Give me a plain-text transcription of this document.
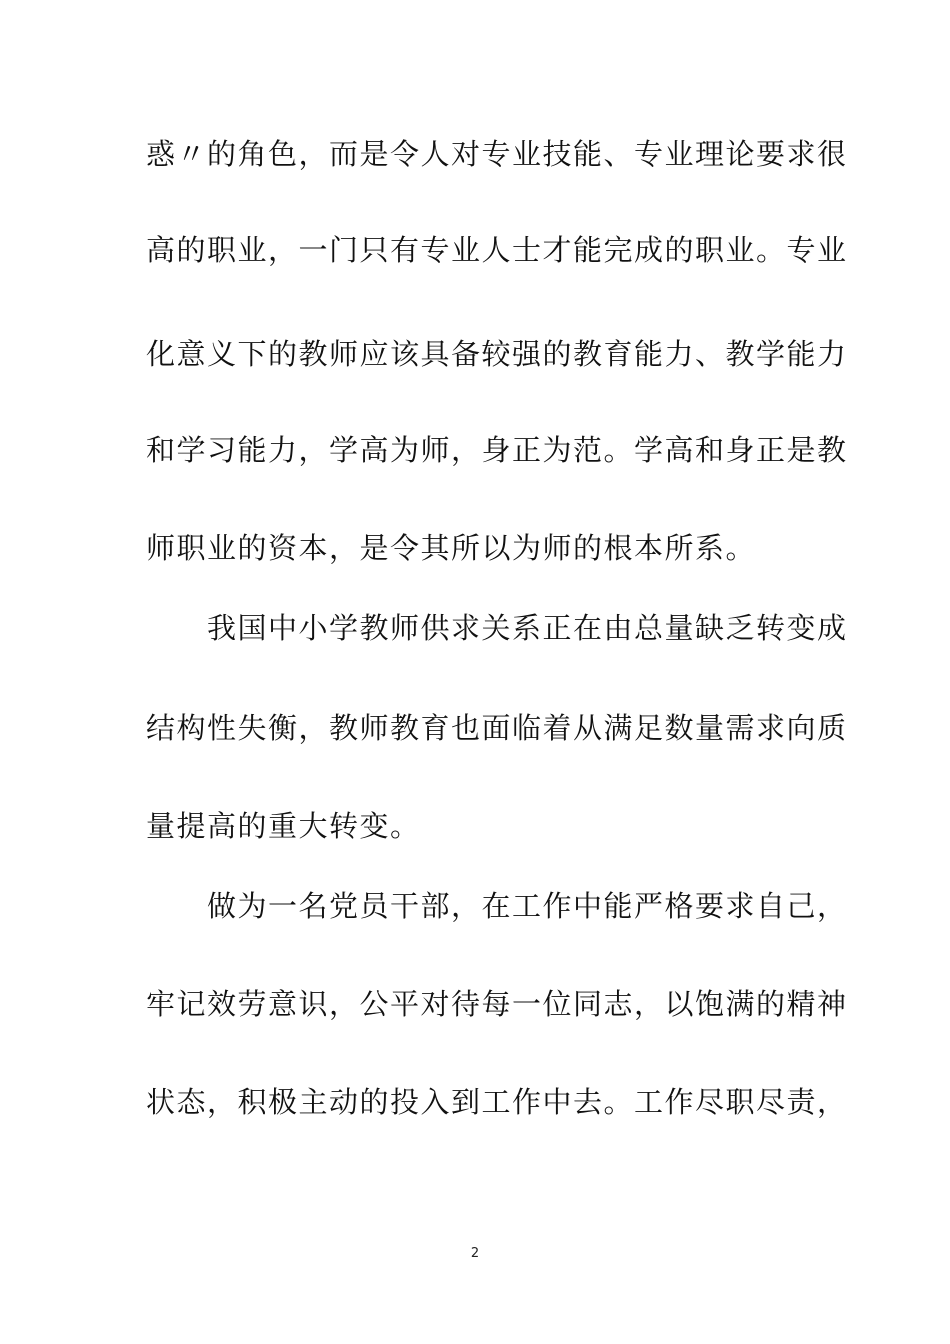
惑〃的角色，而是令人对专业技能、专业理论要求很
高的职业，一门只有专业人士才能完成的职业。专业
化意义下的教师应该具备较强的教育能力、教学能力
和学习能力，学高为师，身正为范。学高和身正是教
师职业的资本，是令其所以为师的根本所系。
　　我国中小学教师供求关系正在由总量缺乏转变成
结构性失衡，教师教育也面临着从满足数量需求向质
量提高的重大转变。
　　做为一名党员干部，在工作中能严格要求自己，
牢记效劳意识，公平对待每一位同志，以饱满的精神
状态，积极主动的投入到工作中去。工作尽职尽责，
2
